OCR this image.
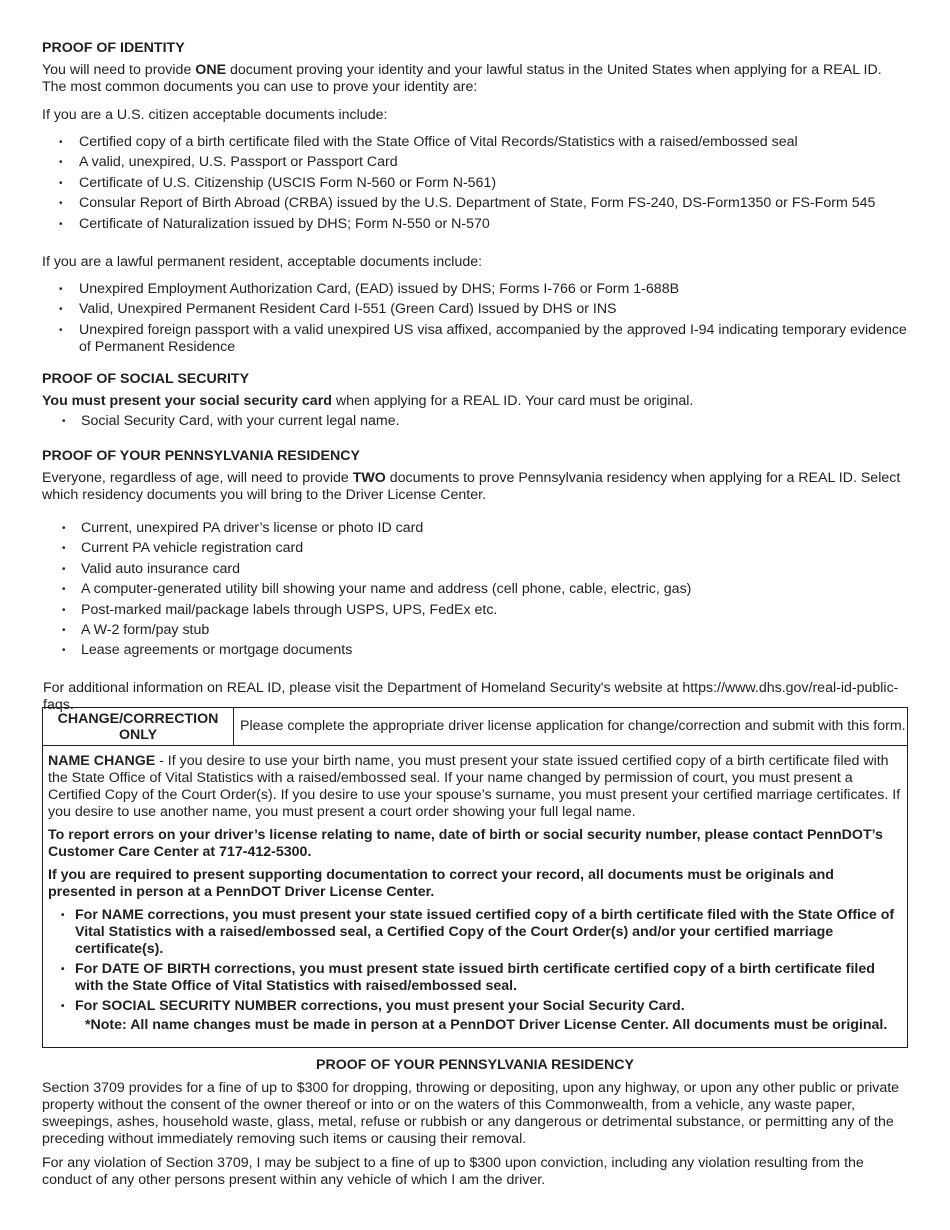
PROOF OF IDENTITY

You will need to provide ONE document proving your identity and your lawful status in the United States when applying for a REAL ID. The most common documents you can use to prove your identity are:

If you are a U.S. citizen acceptable documents include:

• Certified copy of a birth certificate filed with the State Office of Vital Records/Statistics with a raised/embossed seal
• A valid, unexpired, U.S. Passport or Passport Card
• Certificate of U.S. Citizenship (USCIS Form N-560 or Form N-561)
• Consular Report of Birth Abroad (CRBA) issued by the U.S. Department of State, Form FS-240, DS-Form1350 or FS-Form 545
• Certificate of Naturalization issued by DHS; Form N-550 or N-570

If you are a lawful permanent resident, acceptable documents include:

• Unexpired Employment Authorization Card, (EAD) issued by DHS; Forms I-766 or Form 1-688B
• Valid, Unexpired Permanent Resident Card I-551 (Green Card) Issued by DHS or INS
• Unexpired foreign passport with a valid unexpired US visa affixed, accompanied by the approved I-94 indicating temporary evidence of Permanent Residence

PROOF OF SOCIAL SECURITY

You must present your social security card when applying for a REAL ID. Your card must be original.

• Social Security Card, with your current legal name.

PROOF OF YOUR PENNSYLVANIA RESIDENCY

Everyone, regardless of age, will need to provide TWO documents to prove Pennsylvania residency when applying for a REAL ID. Select which residency documents you will bring to the Driver License Center.

• Current, unexpired PA driver’s license or photo ID card
• Current PA vehicle registration card
• Valid auto insurance card
• A computer-generated utility bill showing your name and address (cell phone, cable, electric, gas)
• Post-marked mail/package labels through USPS, UPS, FedEx etc.
• A W-2 form/pay stub
• Lease agreements or mortgage documents

For additional information on REAL ID, please visit the Department of Homeland Security's website at https://www.dhs.gov/real-id-public-faqs.

CHANGE/CORRECTION ONLY
Please complete the appropriate driver license application for change/correction and submit with this form.

NAME CHANGE - If you desire to use your birth name, you must present your state issued certified copy of a birth certificate filed with the State Office of Vital Statistics with a raised/embossed seal. If your name changed by permission of court, you must present a Certified Copy of the Court Order(s). If you desire to use your spouse’s surname, you must present your certified marriage certificates. If you desire to use another name, you must present a court order showing your full legal name.

To report errors on your driver’s license relating to name, date of birth or social security number, please contact PennDOT’s Customer Care Center at 717-412-5300.

If you are required to present supporting documentation to correct your record, all documents must be originals and presented in person at a PennDOT Driver License Center.

• For NAME corrections, you must present your state issued certified copy of a birth certificate filed with the State Office of Vital Statistics with a raised/embossed seal, a Certified Copy of the Court Order(s) and/or your certified marriage certificate(s).
• For DATE OF BIRTH corrections, you must present state issued birth certificate certified copy of a birth certificate filed with the State Office of Vital Statistics with raised/embossed seal.
• For SOCIAL SECURITY NUMBER corrections, you must present your Social Security Card.

*Note: All name changes must be made in person at a PennDOT Driver License Center. All documents must be original.

PROOF OF YOUR PENNSYLVANIA RESIDENCY

Section 3709 provides for a fine of up to $300 for dropping, throwing or depositing, upon any highway, or upon any other public or private property without the consent of the owner thereof or into or on the waters of this Commonwealth, from a vehicle, any waste paper, sweepings, ashes, household waste, glass, metal, refuse or rubbish or any dangerous or detrimental substance, or permitting any of the preceding without immediately removing such items or causing their removal.

For any violation of Section 3709, I may be subject to a fine of up to $300 upon conviction, including any violation resulting from the conduct of any other persons present within any vehicle of which I am the driver.
